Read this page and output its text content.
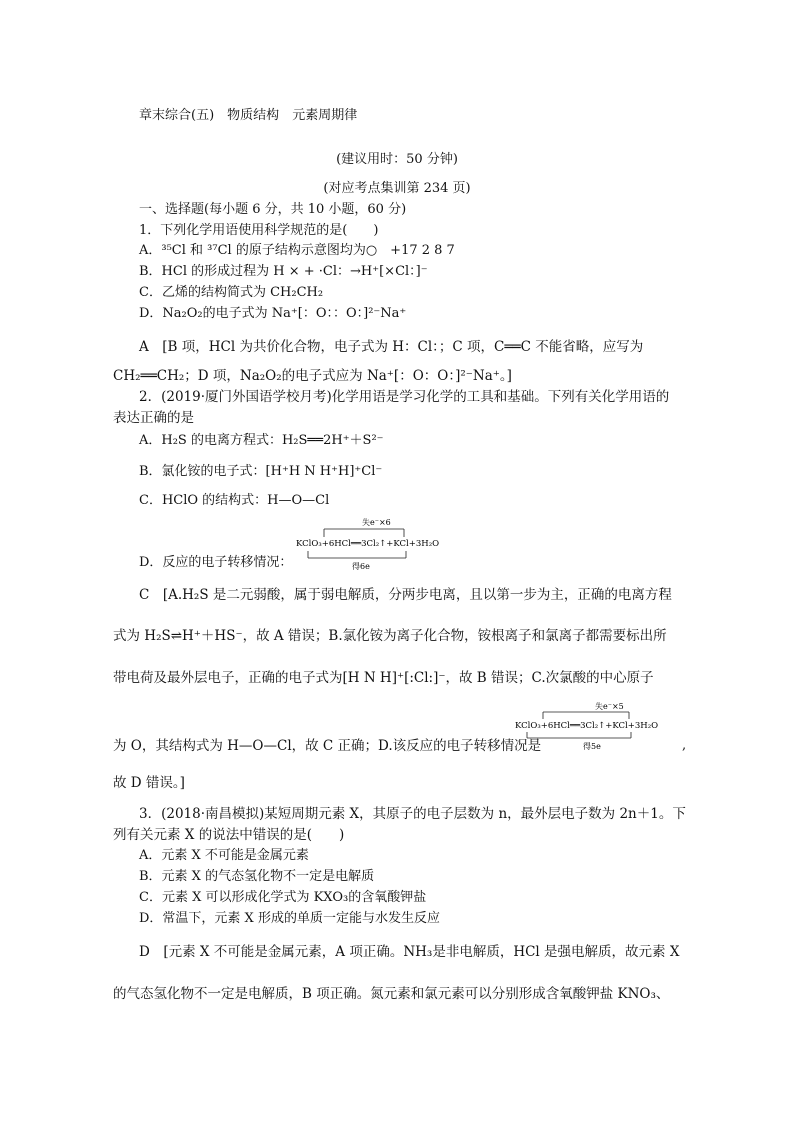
章末综合(五)　 物质结构　 元素周期律
(建议用时：50 分钟)
(对应考点集训第 234 页)
一、选择题(每小题 6 分，共 10 小题，60 分)
1．下列化学用语使用科学规范的是(　　)
A．³⁵Cl 和 ³⁷Cl 的原子结构示意图均为○　+17 2 8 7
B．HCl 的形成过程为 H × + ·Cl：→H⁺[×Cl：]⁻
C．乙烯的结构简式为 CH₂CH₂
D．Na₂O₂的电子式为 Na⁺[：O：：O：]²⁻Na⁺
A　[B 项，HCl 为共价化合物，电子式为 H：Cl：；C 项，C══C 不能省略，应写为
CH₂══CH₂；D 项，Na₂O₂的电子式应为 Na⁺[：O：O：]²⁻Na⁺。]
2．(2019·厦门外国语学校月考)化学用语是学习化学的工具和基础。下列有关化学用语的
表达正确的是
A．H₂S 的电离方程式：H₂S══2H⁺＋S²⁻
B．氯化铵的电子式：[H⁺H N H⁺H]⁺Cl⁻
C．HClO 的结构式：H—O—Cl
D．反应的电子转移情况：
失e⁻×6
KClO₃+6HCl══3Cl₂↑+KCl+3H₂O
得6e
C　[A.H₂S 是二元弱酸，属于弱电解质，分两步电离，且以第一步为主，正确的电离方程
式为 H₂S⇌H⁺＋HS⁻，故 A 错误；B.氯化铵为离子化合物，铵根离子和氯离子都需要标出所
带电荷及最外层电子，正确的电子式为[H N H]⁺[:Cl:]⁻，故 B 错误；C.次氯酸的中心原子
失e⁻×5
KClO₃+6HCl══3Cl₂↑+KCl+3H₂O
得5e
为 O，其结构式为 H—O—Cl，故 C 正确；D.该反应的电子转移情况是	,
故 D 错误。]
3．(2018·南昌模拟)某短周期元素 X，其原子的电子层数为 n，最外层电子数为 2n＋1。下
列有关元素 X 的说法中错误的是(　　)
A．元素 X 不可能是金属元素
B．元素 X 的气态氢化物不一定是电解质
C．元素 X 可以形成化学式为 KXO₃的含氧酸钾盐
D．常温下，元素 X 形成的单质一定能与水发生反应
D　[元素 X 不可能是金属元素，A 项正确。NH₃是非电解质，HCl 是强电解质，故元素 X
的气态氢化物不一定是电解质，B 项正确。氮元素和氯元素可以分别形成含氧酸钾盐 KNO₃、
